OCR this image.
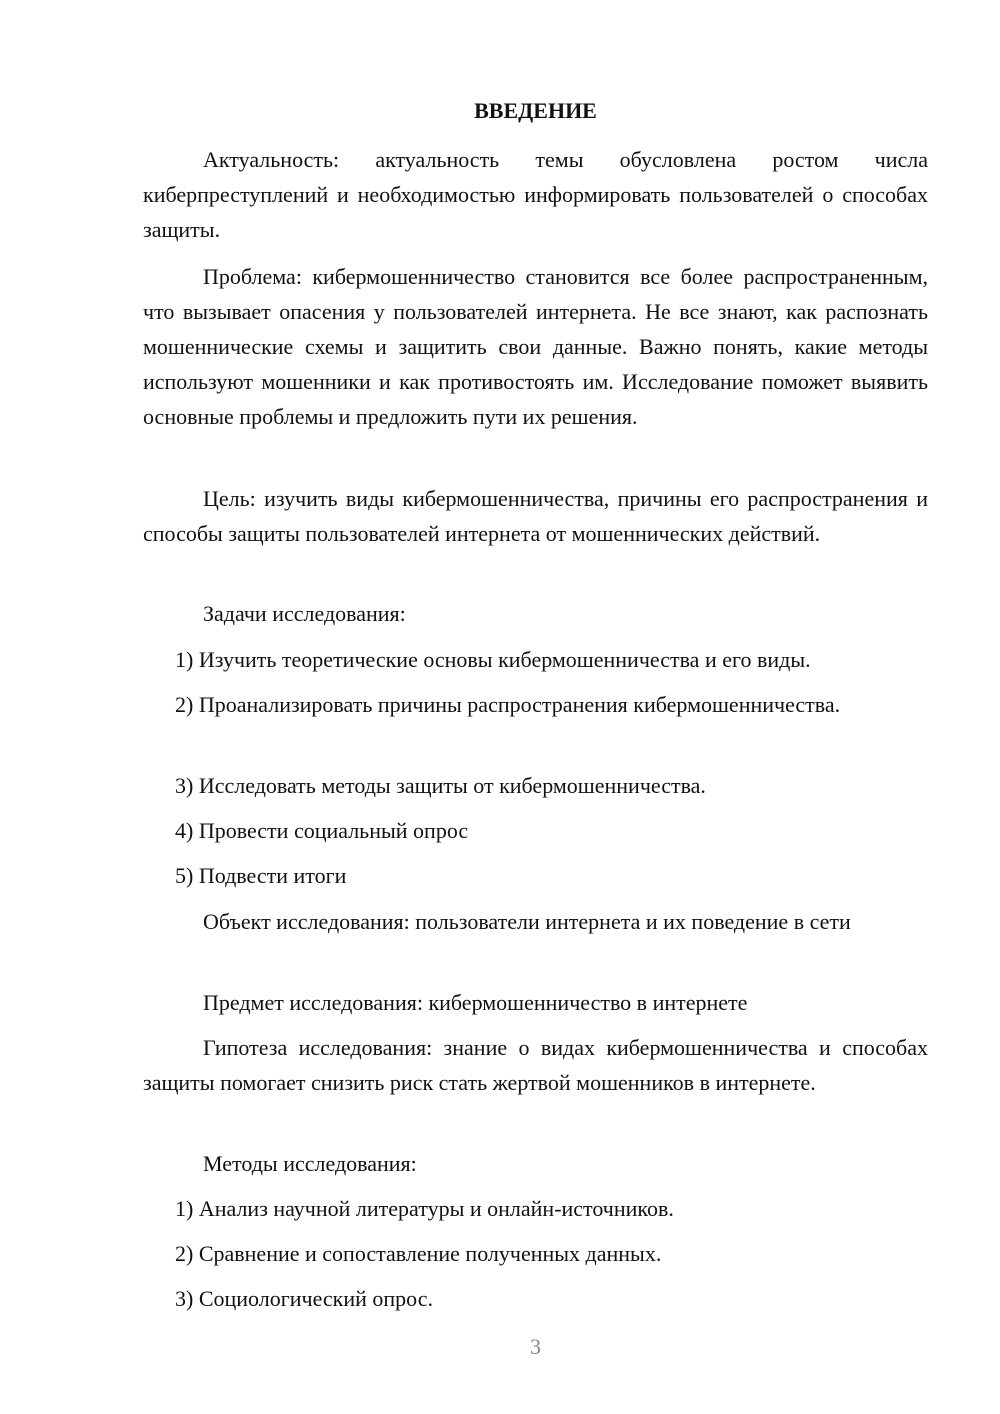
ВВЕДЕНИЕ

Актуальность: актуальность темы обусловлена ростом числа киберпреступлений и необходимостью информировать пользователей о способах защиты.

Проблема: кибермошенничество становится все более распространенным, что вызывает опасения у пользователей интернета. Не все знают, как распознать мошеннические схемы и защитить свои данные. Важно понять, какие методы используют мошенники и как противостоять им. Исследование поможет выявить основные проблемы и предложить пути их решения.

Цель: изучить виды кибермошенничества, причины его распространения и способы защиты пользователей интернета от мошеннических действий.

Задачи исследования:

1) Изучить теоретические основы кибермошенничества и его виды.

2) Проанализировать причины распространения кибермошенничества.

3) Исследовать методы защиты от кибермошенничества.

4) Провести социальный опрос

5) Подвести итоги

Объект исследования: пользователи интернета и их поведение в сети

Предмет исследования: кибермошенничество в интернете

Гипотеза исследования: знание о видах кибермошенничества и способах защиты помогает снизить риск стать жертвой мошенников в интернете.

Методы исследования:

1) Анализ научной литературы и онлайн-источников.

2) Сравнение и сопоставление полученных данных.

3) Социологический опрос.

3
